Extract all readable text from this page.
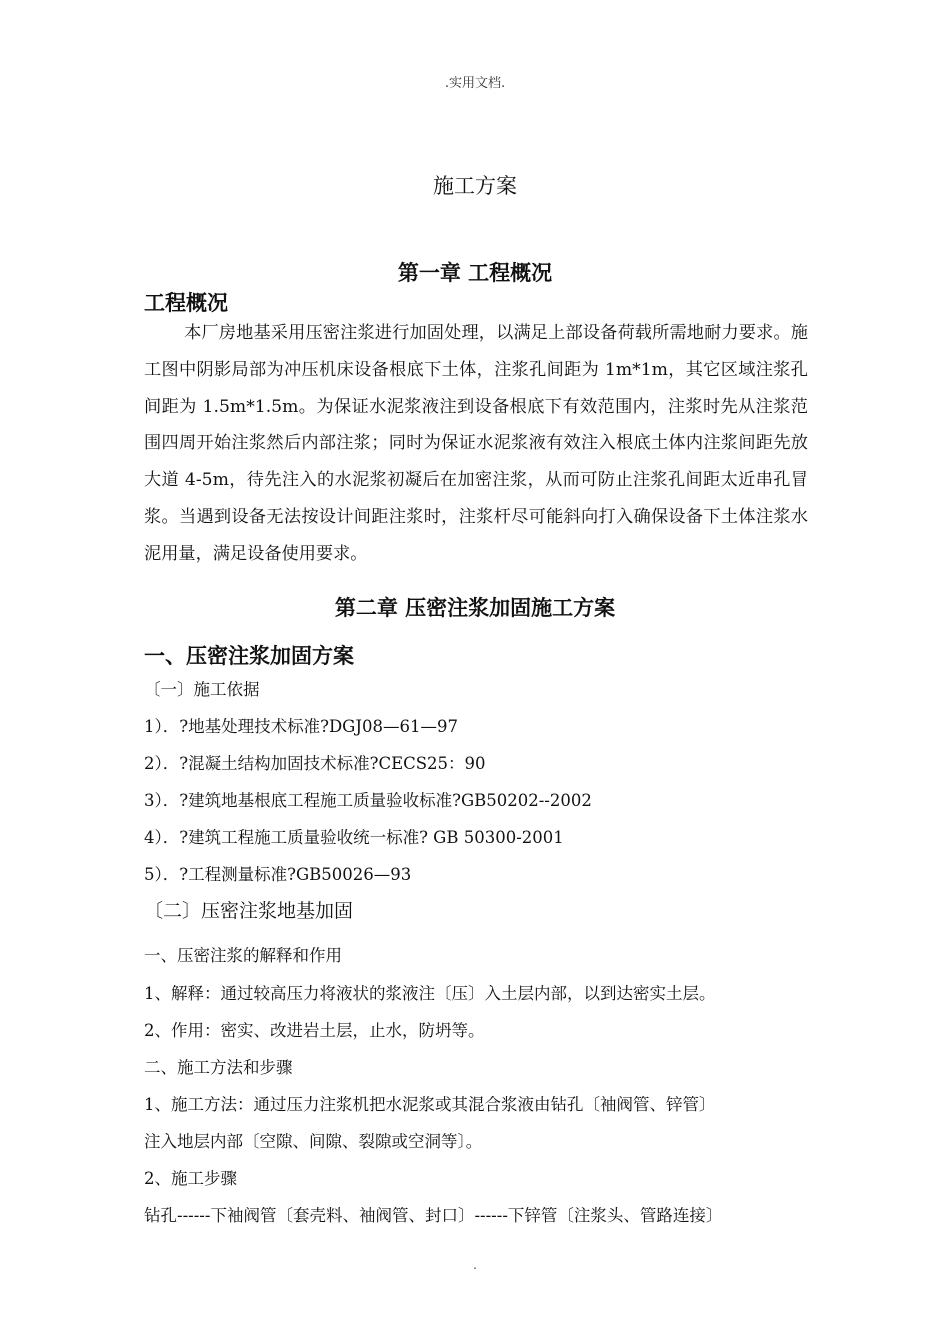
.实用文档.
施工方案
第一章 工程概况
工程概况

本厂房地基采用压密注浆进行加固处理，以满足上部设备荷载所需地耐力要求。施工图中阴影局部为冲压机床设备根底下土体，注浆孔间距为 1m*1m，其它区域注浆孔间距为 1.5m*1.5m。为保证水泥浆液注到设备根底下有效范围内，注浆时先从注浆范围四周开始注浆然后内部注浆；同时为保证水泥浆液有效注入根底土体内注浆间距先放大道 4-5m，待先注入的水泥浆初凝后在加密注浆，从而可防止注浆孔间距太近串孔冒浆。当遇到设备无法按设计间距注浆时，注浆杆尽可能斜向打入确保设备下土体注浆水泥用量，满足设备使用要求。

第二章 压密注浆加固施工方案
一、压密注浆加固方案
〔一〕施工依据
1）．?地基处理技术标准?DGJ08—61—97
2）．?混凝土结构加固技术标准?CECS25：90
3）．?建筑地基根底工程施工质量验收标准?GB50202--2002
4）．?建筑工程施工质量验收统一标准? GB 50300-2001
5）．?工程测量标准?GB50026—93
〔二〕压密注浆地基加固
一、压密注浆的解释和作用
1、解释：通过较高压力将液状的浆液注〔压〕入土层内部，以到达密实土层。
2、作用：密实、改进岩土层，止水，防坍等。
二、施工方法和步骤
1、施工方法：通过压力注浆机把水泥浆或其混合浆液由钻孔〔袖阀管、锌管〕
注入地层内部〔空隙、间隙、裂隙或空洞等〕。
2、施工步骤
钻孔------下袖阀管〔套壳料、袖阀管、封口〕------下锌管〔注浆头、管路连接〕
.
